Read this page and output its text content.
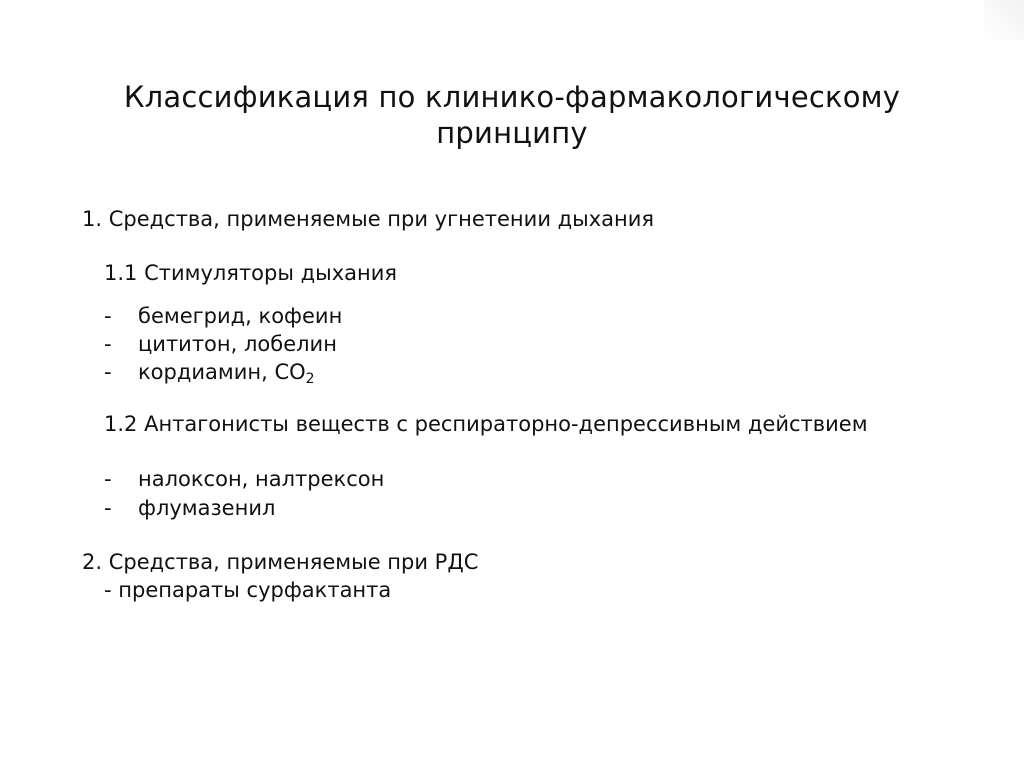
Классификация по клинико-фармакологическому
принципу
1. Средства, применяемые при угнетении дыхания
1.1 Стимуляторы дыхания
- бемегрид, кофеин
- цититон, лобелин
- кордиамин, $CO_2$
1.2 Антагонисты веществ с респираторно-депрессивным действием
- налоксон, налтрексон
- флумазенил
2. Средства, применяемые при РДС
- препараты сурфактанта
